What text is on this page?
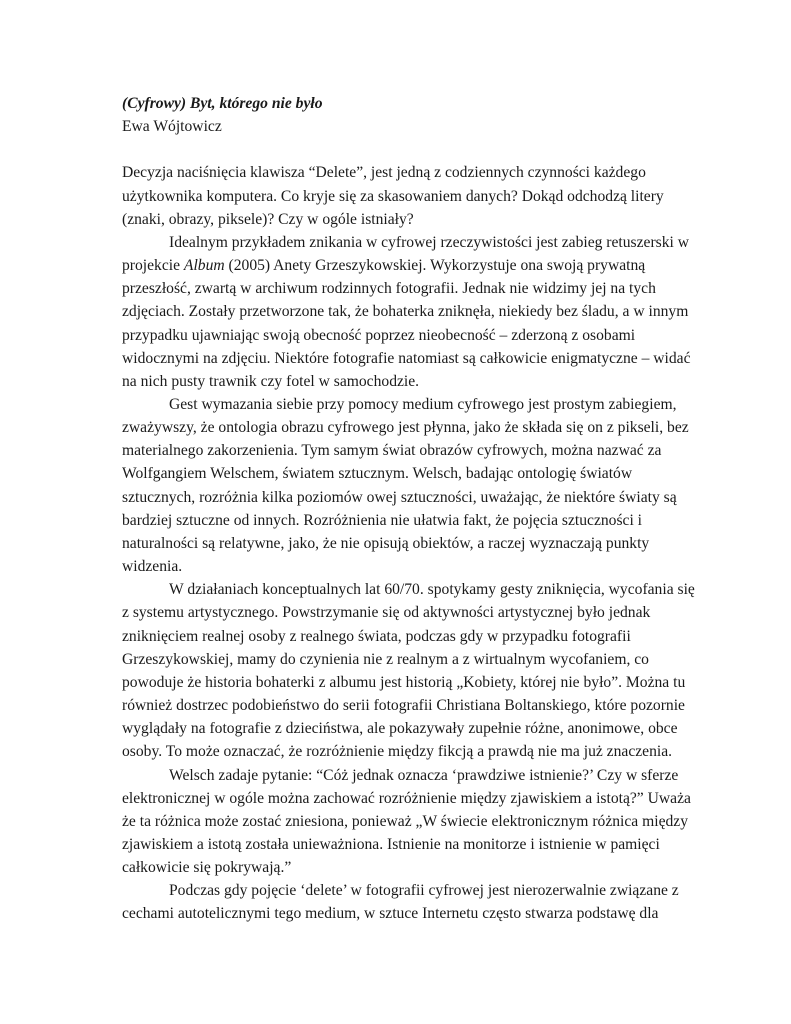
(Cyfrowy) Byt, którego nie było

Ewa Wójtowicz

Decyzja naciśnięcia klawisza “Delete”, jest jedną z codziennych czynności każdego
użytkownika komputera. Co kryje się za skasowaniem danych? Dokąd odchodzą litery
(znaki, obrazy, piksele)? Czy w ogóle istniały?
Idealnym przykładem znikania w cyfrowej rzeczywistości jest zabieg retuszerski w
projekcie Album (2005) Anety Grzeszykowskiej. Wykorzystuje ona swoją prywatną
przeszłość, zwartą w archiwum rodzinnych fotografii. Jednak nie widzimy jej na tych
zdjęciach. Zostały przetworzone tak, że bohaterka zniknęła, niekiedy bez śladu, a w innym
przypadku ujawniając swoją obecność poprzez nieobecność – zderzoną z osobami
widocznymi na zdjęciu. Niektóre fotografie natomiast są całkowicie enigmatyczne – widać
na nich pusty trawnik czy fotel w samochodzie.
Gest wymazania siebie przy pomocy medium cyfrowego jest prostym zabiegiem,
zważywszy, że ontologia obrazu cyfrowego jest płynna, jako że składa się on z pikseli, bez
materialnego zakorzenienia. Tym samym świat obrazów cyfrowych, można nazwać za
Wolfgangiem Welschem, światem sztucznym. Welsch, badając ontologię światów
sztucznych, rozróżnia kilka poziomów owej sztuczności, uważając, że niektóre światy są
bardziej sztuczne od innych. Rozróżnienia nie ułatwia fakt, że pojęcia sztuczności i
naturalności są relatywne, jako, że nie opisują obiektów, a raczej wyznaczają punkty
widzenia.
W działaniach konceptualnych lat 60/70. spotykamy gesty zniknięcia, wycofania się
z systemu artystycznego. Powstrzymanie się od aktywności artystycznej było jednak
zniknięciem realnej osoby z realnego świata, podczas gdy w przypadku fotografii
Grzeszykowskiej, mamy do czynienia nie z realnym a z wirtualnym wycofaniem, co
powoduje że historia bohaterki z albumu jest historią „Kobiety, której nie było”. Można tu
również dostrzec podobieństwo do serii fotografii Christiana Boltanskiego, które pozornie
wyglądały na fotografie z dzieciństwa, ale pokazywały zupełnie różne, anonimowe, obce
osoby. To może oznaczać, że rozróżnienie między fikcją a prawdą nie ma już znaczenia.
Welsch zadaje pytanie: “Cóż jednak oznacza ‘prawdziwe istnienie?’ Czy w sferze
elektronicznej w ogóle można zachować rozróżnienie między zjawiskiem a istotą?” Uważa
że ta różnica może zostać zniesiona, ponieważ „W świecie elektronicznym różnica między
zjawiskiem a istotą została unieważniona. Istnienie na monitorze i istnienie w pamięci
całkowicie się pokrywają.”
Podczas gdy pojęcie ‘delete’ w fotografii cyfrowej jest nierozerwalnie związane z
cechami autotelicznymi tego medium, w sztuce Internetu często stwarza podstawę dla
